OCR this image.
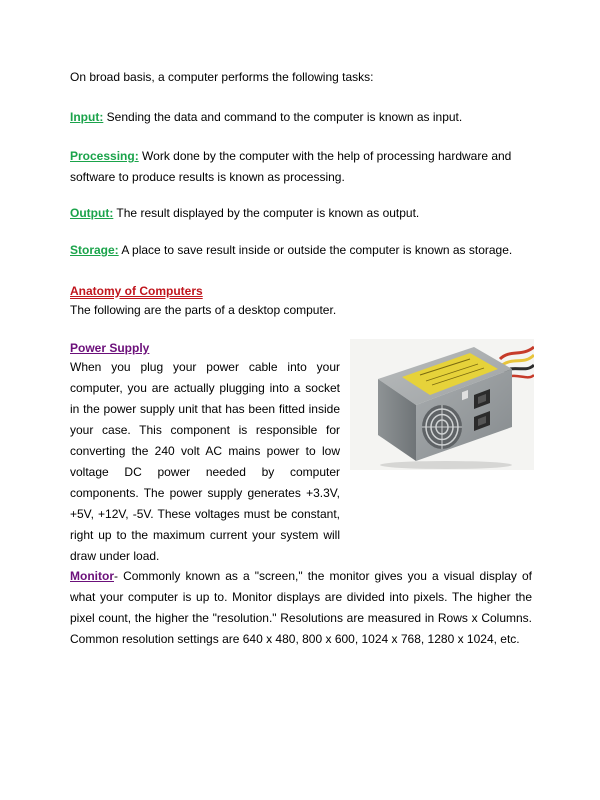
On broad basis, a computer performs the following tasks:

Input: Sending the data and command to the computer is known as input.

Processing: Work done by the computer with the help of processing hardware and software to produce results is known as processing.

Output: The result displayed by the computer is known as output.

Storage: A place to save result inside or outside the computer is known as storage.

Anatomy of Computers

The following are the parts of a desktop computer.

Power Supply

When you plug your power cable into your computer, you are actually plugging into a socket in the power supply unit that has been fitted inside your case. This component is responsible for converting the 240 volt AC mains power to low voltage DC power needed by computer components. The power supply generates +3.3V, +5V, +12V, -5V. These voltages must be constant, right up to the maximum current your system will draw under load.

Monitor- Commonly known as a "screen," the monitor gives you a visual display of what your computer is up to. Monitor displays are divided into pixels. The higher the pixel count, the higher the "resolution." Resolutions are measured in Rows x Columns. Common resolution settings are 640 x 480, 800 x 600, 1024 x 768, 1280 x 1024, etc.
